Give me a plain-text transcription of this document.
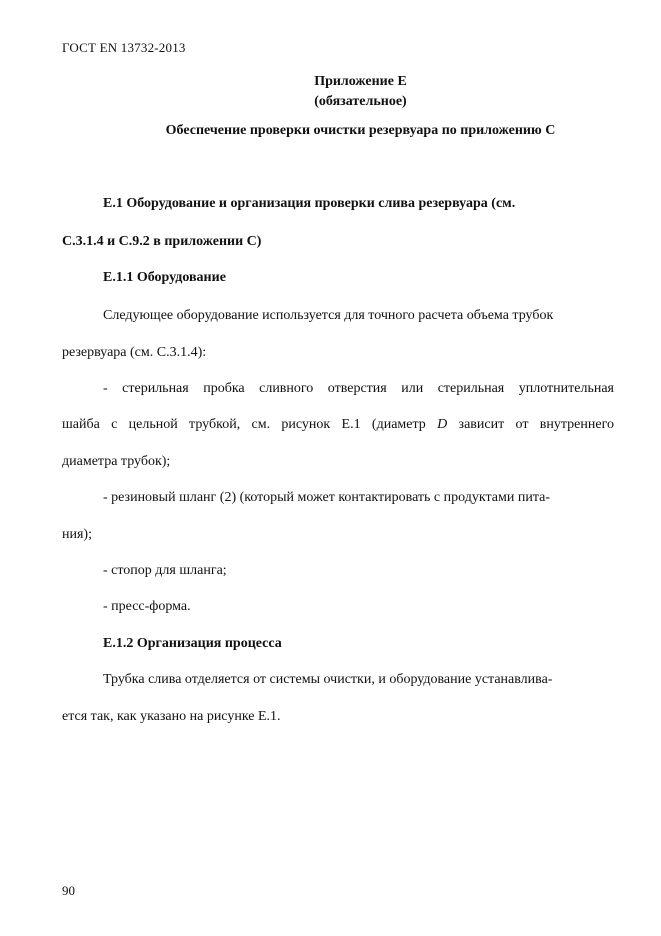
ГОСТ EN 13732-2013
Приложение Е
(обязательное)
Обеспечение проверки очистки резервуара по приложению С
Е.1 Оборудование и организация проверки слива резервуара (см.
С.3.1.4 и С.9.2 в приложении С)
Е.1.1 Оборудование
Следующее оборудование используется для точного расчета объема трубок
резервуара (см. С.3.1.4):
- стерильная пробка сливного отверстия или стерильная уплотнительная
шайба с цельной трубкой, см. рисунок Е.1 (диаметр D зависит от внутреннего
диаметра трубок);
- резиновый шланг (2) (который может контактировать с продуктами пита-
ния);
- стопор для шланга;
- пресс-форма.
Е.1.2 Организация процесса
Трубка слива отделяется от системы очистки, и оборудование устанавлива-
ется так, как указано на рисунке Е.1.
90
